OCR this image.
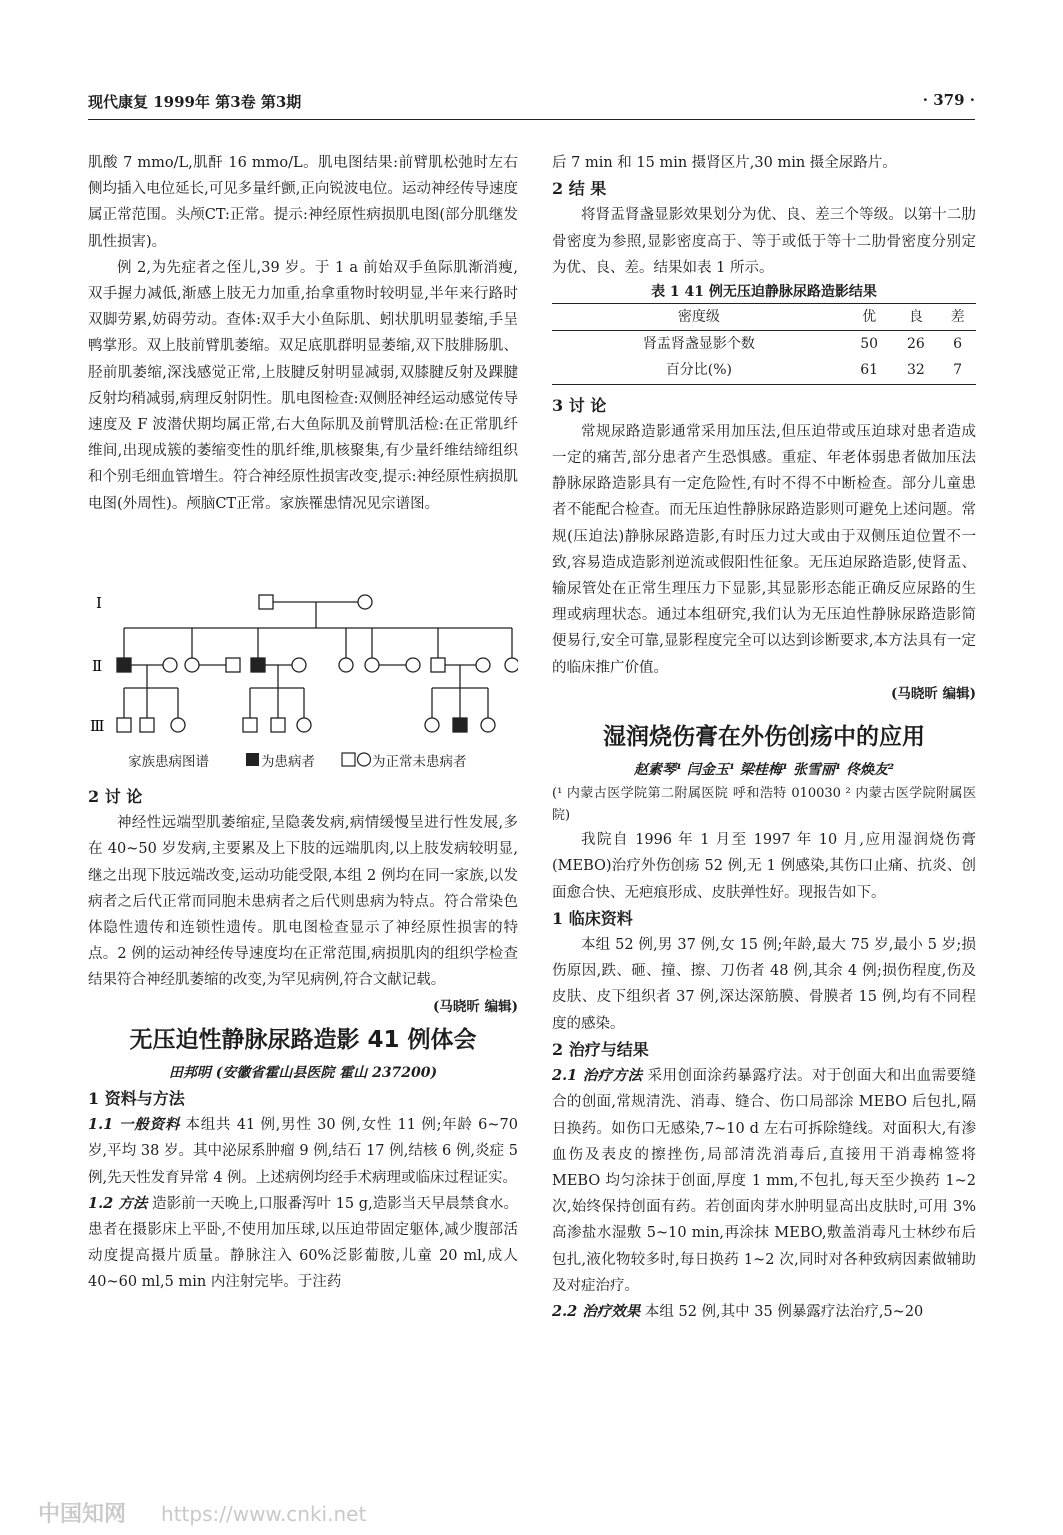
现代康复 1999年 第3卷 第3期	· 379 ·

肌酸 7 mmo/L,肌酐 16 mmo/L。肌电图结果:前臂肌松弛时左右侧均插入电位延长,可见多量纤颤,正向锐波电位。运动神经传导速度属正常范围。头颅CT:正常。提示:神经原性病损肌电图(部分肌继发肌性损害)。

例 2,为先症者之侄儿,39 岁。于 1 a 前始双手鱼际肌渐消瘦,双手握力减低,渐感上肢无力加重,抬拿重物时较明显,半年来行路时双脚劳累,妨碍劳动。查体:双手大小鱼际肌、蚓状肌明显萎缩,手呈鸭掌形。双上肢前臂肌萎缩。双足底肌群明显萎缩,双下肢腓肠肌、胫前肌萎缩,深浅感觉正常,上肢腱反射明显减弱,双膝腱反射及踝腱反射均稍减弱,病理反射阴性。肌电图检查:双侧胫神经运动感觉传导速度及 F 波潜伏期均属正常,右大鱼际肌及前臂肌活检:在正常肌纤维间,出现成簇的萎缩变性的肌纤维,肌核聚集,有少量纤维结缔组织和个别毛细血管增生。符合神经原性损害改变,提示:神经原性病损肌电图(外周性)。颅脑CT正常。家族罹患情况见宗谱图。

Ⅰ
Ⅱ
Ⅲ
家族患病图谱	为患病者	为正常未患病者

2 讨 论

神经性远端型肌萎缩症,呈隐袭发病,病情缓慢呈进行性发展,多在 40~50 岁发病,主要累及上下肢的远端肌肉,以上肢发病较明显,继之出现下肢远端改变,运动功能受限,本组 2 例均在同一家族,以发病者之后代正常而同胞未患病者之后代则患病为特点。符合常染色体隐性遗传和连锁性遗传。肌电图检查显示了神经原性损害的特点。2 例的运动神经传导速度均在正常范围,病损肌肉的组织学检查结果符合神经肌萎缩的改变,为罕见病例,符合文献记载。

(马晓昕 编辑)

无压迫性静脉尿路造影 41 例体会

田邦明 (安徽省霍山县医院 霍山 237200)

1 资料与方法

1.1 一般资料 本组共 41 例,男性 30 例,女性 11 例;年龄 6~70 岁,平均 38 岁。其中泌尿系肿瘤 9 例,结石 17 例,结核 6 例,炎症 5 例,先天性发育异常 4 例。上述病例均经手术病理或临床过程证实。

1.2 方法 造影前一天晚上,口服番泻叶 15 g,造影当天早晨禁食水。患者在摄影床上平卧,不使用加压球,以压迫带固定躯体,减少腹部活动度提高摄片质量。静脉注入 60%泛影葡胺,儿童 20 ml,成人 40~60 ml,5 min 内注射完毕。于注药

后 7 min 和 15 min 摄肾区片,30 min 摄全尿路片。

2 结 果

将肾盂肾盏显影效果划分为优、良、差三个等级。以第十二肋骨密度为参照,显影密度高于、等于或低于等十二肋骨密度分别定为优、良、差。结果如表 1 所示。

表 1 41 例无压迫静脉尿路造影结果
密度级	优	良	差
肾盂肾盏显影个数	50	26	6
百分比(%)	61	32	7

3 讨 论

常规尿路造影通常采用加压法,但压迫带或压迫球对患者造成一定的痛苦,部分患者产生恐惧感。重症、年老体弱患者做加压法静脉尿路造影具有一定危险性,有时不得不中断检查。部分儿童患者不能配合检查。而无压迫性静脉尿路造影则可避免上述问题。常规(压迫法)静脉尿路造影,有时压力过大或由于双侧压迫位置不一致,容易造成造影剂逆流或假阳性征象。无压迫尿路造影,使肾盂、输尿管处在正常生理压力下显影,其显影形态能正确反应尿路的生理或病理状态。通过本组研究,我们认为无压迫性静脉尿路造影简便易行,安全可靠,显影程度完全可以达到诊断要求,本方法具有一定的临床推广价值。

(马晓昕 编辑)

湿润烧伤膏在外伤创疡中的应用

赵素琴¹ 闫金玉¹ 梁桂梅¹ 张雪丽¹ 佟焕友²

(¹ 内蒙古医学院第二附属医院 呼和浩特 010030 ² 内蒙古医学院附属医院)

我院自 1996 年 1 月至 1997 年 10 月,应用湿润烧伤膏(MEBO)治疗外伤创疡 52 例,无 1 例感染,其伤口止痛、抗炎、创面愈合快、无疤痕形成、皮肤弹性好。现报告如下。

1 临床资料

本组 52 例,男 37 例,女 15 例;年龄,最大 75 岁,最小 5 岁;损伤原因,跌、砸、撞、擦、刀伤者 48 例,其余 4 例;损伤程度,伤及皮肤、皮下组织者 37 例,深达深筋膜、骨膜者 15 例,均有不同程度的感染。

2 治疗与结果

2.1 治疗方法 采用创面涂药暴露疗法。对于创面大和出血需要缝合的创面,常规清洗、消毒、缝合、伤口局部涂 MEBO 后包扎,隔日换药。如伤口无感染,7~10 d 左右可拆除缝线。对面积大,有渗血伤及表皮的擦挫伤,局部清洗消毒后,直接用干消毒棉签将 MEBO 均匀涂抹于创面,厚度 1 mm,不包扎,每天至少换药 1~2 次,始终保持创面有药。若创面肉芽水肿明显高出皮肤时,可用 3%高渗盐水湿敷 5~10 min,再涂抹 MEBO,敷盖消毒凡士林纱布后包扎,液化物较多时,每日换药 1~2 次,同时对各种致病因素做辅助及对症治疗。

2.2 治疗效果 本组 52 例,其中 35 例暴露疗法治疗,5~20

中国知网 https://www.cnki.net
